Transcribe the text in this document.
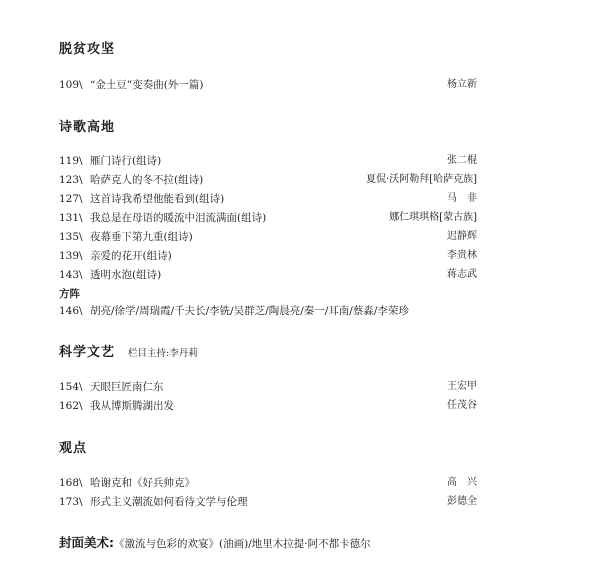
脱贫攻坚
109\ “金土豆”变奏曲(外一篇)	杨立新
诗歌高地
119\ 雁门诗行(组诗)	张二棍
123\ 哈萨克人的冬不拉(组诗)	夏侃·沃阿勒拜[哈萨克族]
127\ 这首诗我希望他能看到(组诗)	马　非
131\ 我总是在母语的暖流中泪流满面(组诗)	娜仁琪琪格[蒙古族]
135\ 夜幕垂下第九重(组诗)	迟静辉
139\ 亲爱的花开(组诗)	李贵林
143\ 透明水泡(组诗)	蒋志武
方阵
146\ 胡亮/徐学/周瑞霞/千夫长/李铣/吴群芝/陶晨亮/秦一/耳南/蔡淼/李荣珍
科学文艺 栏目主持:李丹莉
154\ 天眼巨匠南仁东	王宏甲
162\ 我从博斯腾湖出发	任茂谷
观点
168\ 哈谢克和《好兵帅克》	高　兴
173\ 形式主义潮流如何看待文学与伦理	彭德全
封面美术:《激流与色彩的欢宴》(油画)/地里木拉提·阿不都卡德尔
